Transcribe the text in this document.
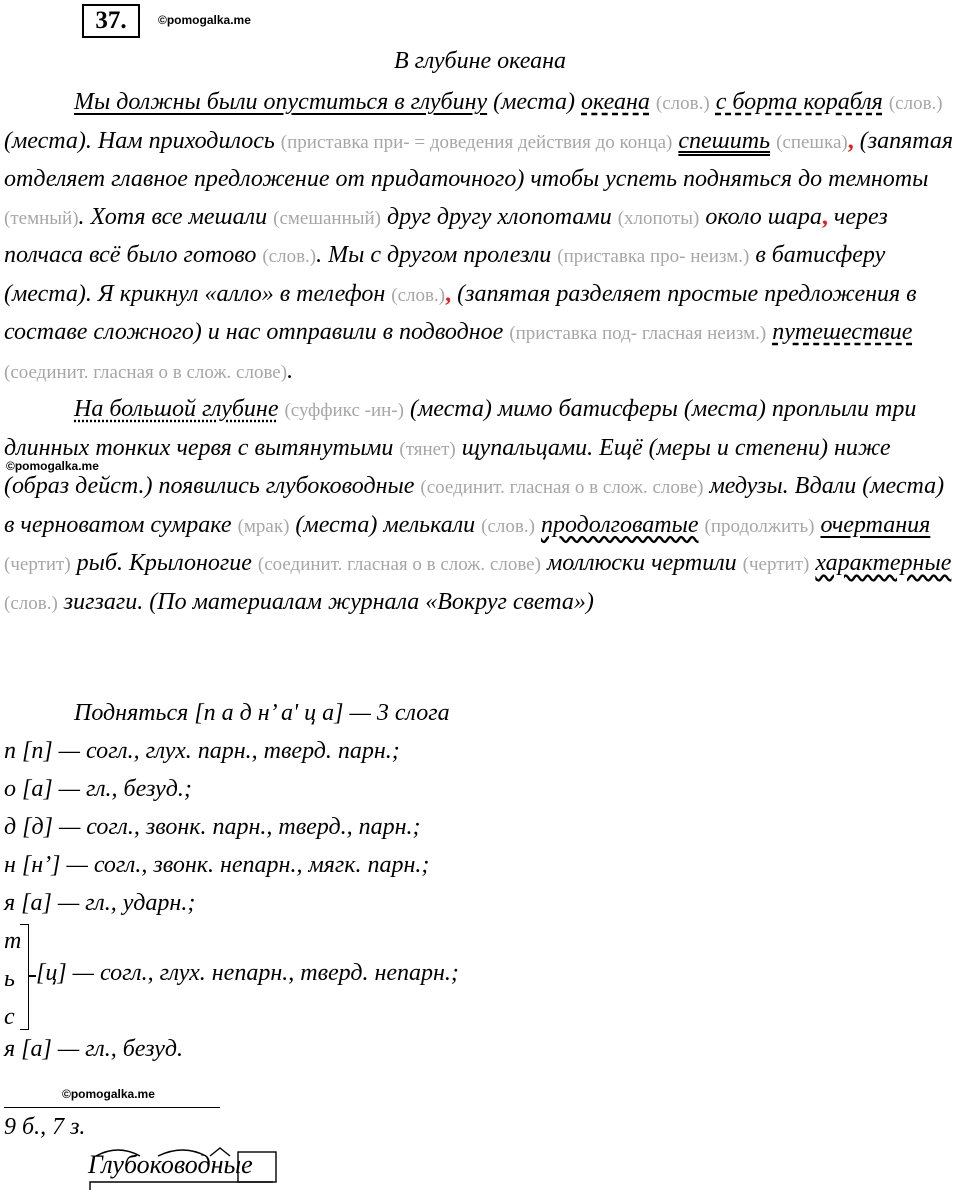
37.	©pomogalka.me
В глубине океана

Мы должны были опуститься в глубину (места) океана (слов.) с борта корабля (слов.) (места). Нам приходилось (приставка при- = доведения действия до конца) спешить (спешка), (запятая отделяет главное предложение от придаточного) чтобы успеть подняться до темноты (темный). Хотя все мешали (смешанный) друг другу хлопотами (хлопоты) около шара, через полчаса всё было готово (слов.). Мы с другом пролезли (приставка про- неизм.) в батисферу (места). Я крикнул «алло» в телефон (слов.), (запятая разделяет простые предложения в составе сложного) и нас отправили в подводное (приставка под- гласная неизм.) путешествие (соединит. гласная о в слож. слове).

На большой глубине (суффикс -ин-) (места) мимо батисферы (места) проплыли три длинных тонких червя с вытянутыми (тянет) щупальцами. Ещё (меры и степени) ниже (образ дейст.) появились глубоководные (соединит. гласная о в слож. слове) медузы. Вдали (места) в черноватом сумраке (мрак) (места) мелькали (слов.) продолговатые (продолжить) очертания (чертит) рыб. Крылоногие (соединит. гласная о в слож. слове) моллюски чертили (чертит) характерные (слов.) зигзаги. (По материалам журнала «Вокруг света»)

©pomogalka.me
Подняться [п а д н’ а' ц а] — 3 слога
п [п] — согл., глух. парн., тверд. парн.;
о [а] — гл., безуд.;
д [д] — согл., звонк. парн., тверд., парн.;
н [н’] — согл., звонк. непарн., мягк. парн.;
я [а] — гл., ударн.;
т
ь
с
[ц] — согл., глух. непарн., тверд. непарн.;
я [а] — гл., безуд.
©pomogalka.me
9 б., 7 з.
Глубоководные
